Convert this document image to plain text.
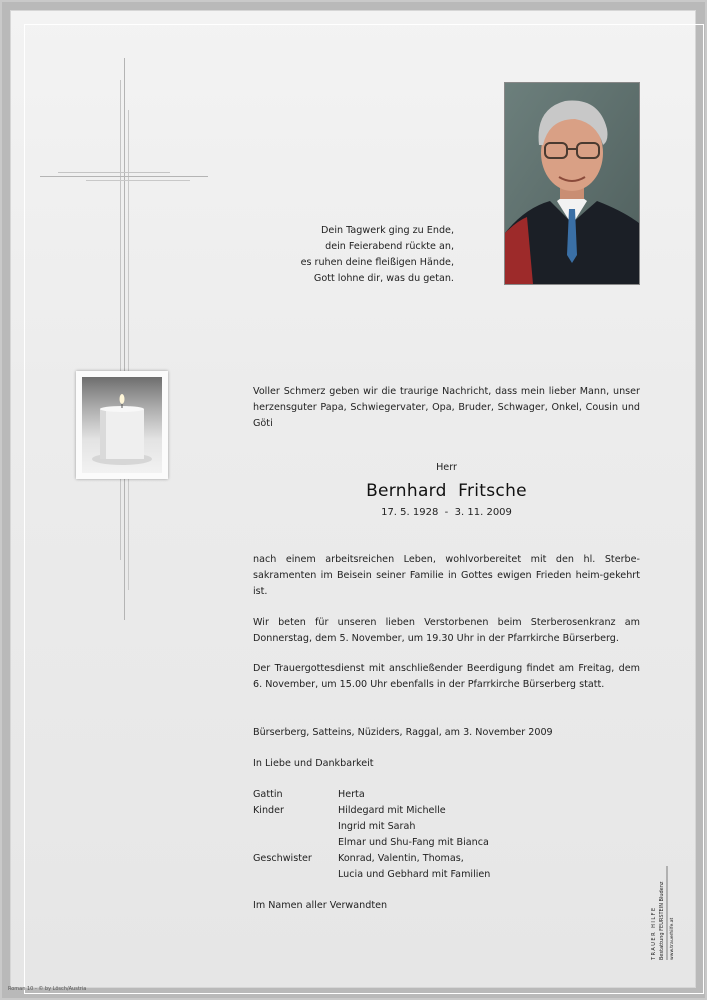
Dein Tagwerk ging zu Ende,
dein Feierabend rückte an,
es ruhen deine fleißigen Hände,
Gott lohne dir, was du getan.
Voller Schmerz geben wir die traurige Nachricht, dass mein lieber Mann, unser herzensguter Papa, Schwiegervater, Opa, Bruder, Schwager, Onkel, Cousin und Göti
Herr
Bernhard  Fritsche
17. 5. 1928  -  3. 11. 2009
nach einem arbeitsreichen Leben, wohlvorbereitet mit den hl. Sterbe-sakramenten im Beisein seiner Familie in Gottes ewigen Frieden heim-gekehrt ist.
Wir beten für unseren lieben Verstorbenen beim Sterberosenkranz am Donnerstag, dem 5. November, um 19.30 Uhr in der Pfarrkirche Bürserberg.
Der Trauergottesdienst mit anschließender Beerdigung findet am Freitag, dem 6. November, um 15.00 Uhr ebenfalls in der Pfarrkirche Bürserberg statt.
Bürserberg, Satteins, Nüziders, Raggal, am 3. November 2009
In Liebe und Dankbarkeit
Gattin	Herta
Kinder	Hildegard mit Michelle
Ingrid mit Sarah
Elmar und Shu-Fang mit Bianca
Geschwister	Konrad, Valentin, Thomas,
Lucia und Gebhard mit Familien
Im Namen aller Verwandten
TRAUER HILFE Bestattung FEURSTEIN Bludenz www.trauerhilfe.at
Roman 10 - © by Lösch/Austria
